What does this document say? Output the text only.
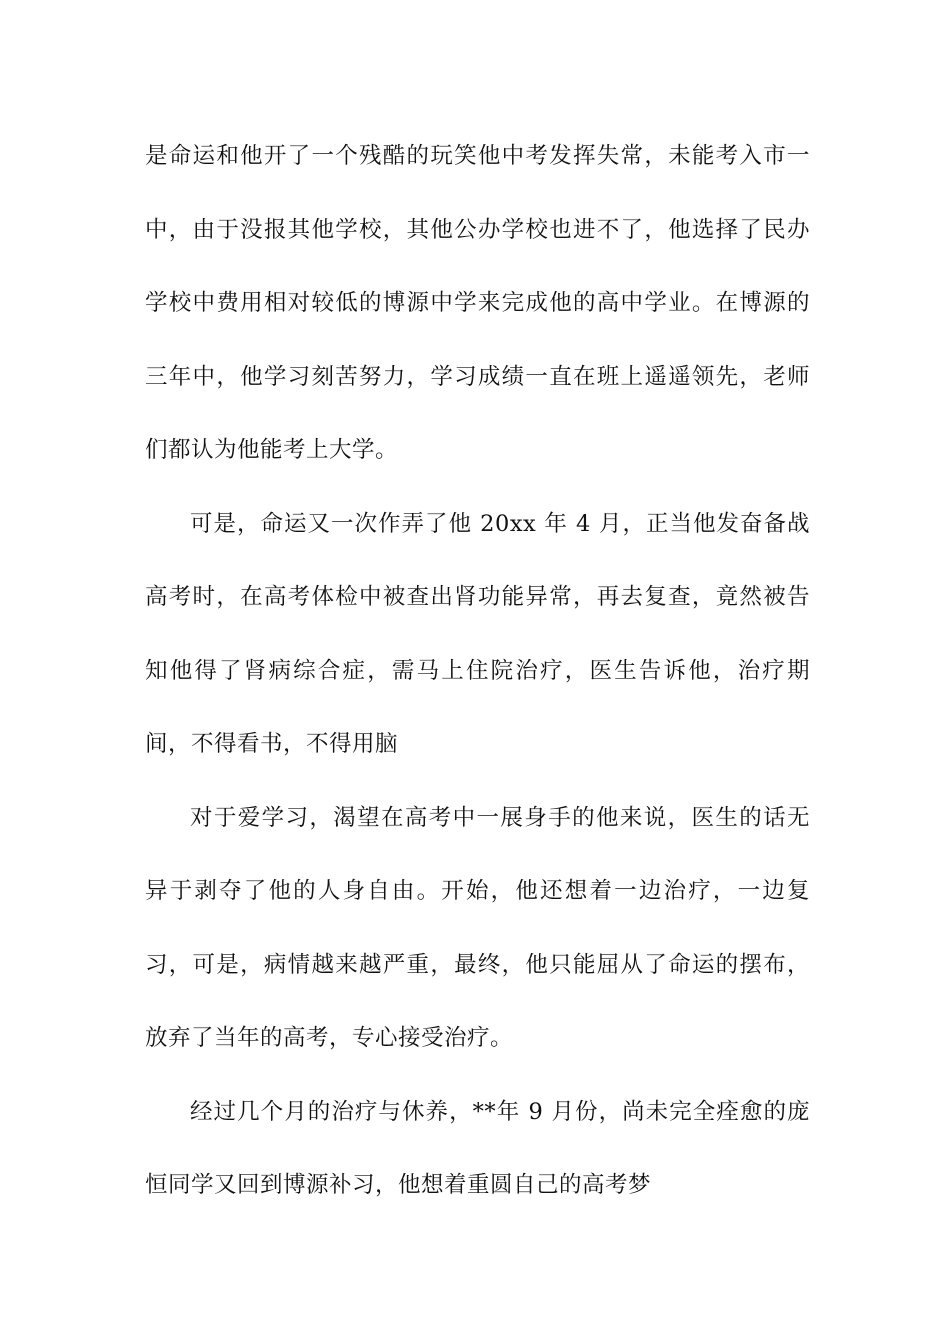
是命运和他开了一个残酷的玩笑他中考发挥失常，未能考入市一中，由于没报其他学校，其他公办学校也进不了，他选择了民办学校中费用相对较低的博源中学来完成他的高中学业。在博源的三年中，他学习刻苦努力，学习成绩一直在班上遥遥领先，老师们都认为他能考上大学。

可是，命运又一次作弄了他 20xx 年 4 月，正当他发奋备战高考时，在高考体检中被查出肾功能异常，再去复查，竟然被告知他得了肾病综合症，需马上住院治疗，医生告诉他，治疗期间，不得看书，不得用脑

对于爱学习，渴望在高考中一展身手的他来说，医生的话无异于剥夺了他的人身自由。开始，他还想着一边治疗，一边复习，可是，病情越来越严重，最终，他只能屈从了命运的摆布，放弃了当年的高考，专心接受治疗。

经过几个月的治疗与休养，**年 9 月份，尚未完全痊愈的庞恒同学又回到博源补习，他想着重圆自己的高考梦
